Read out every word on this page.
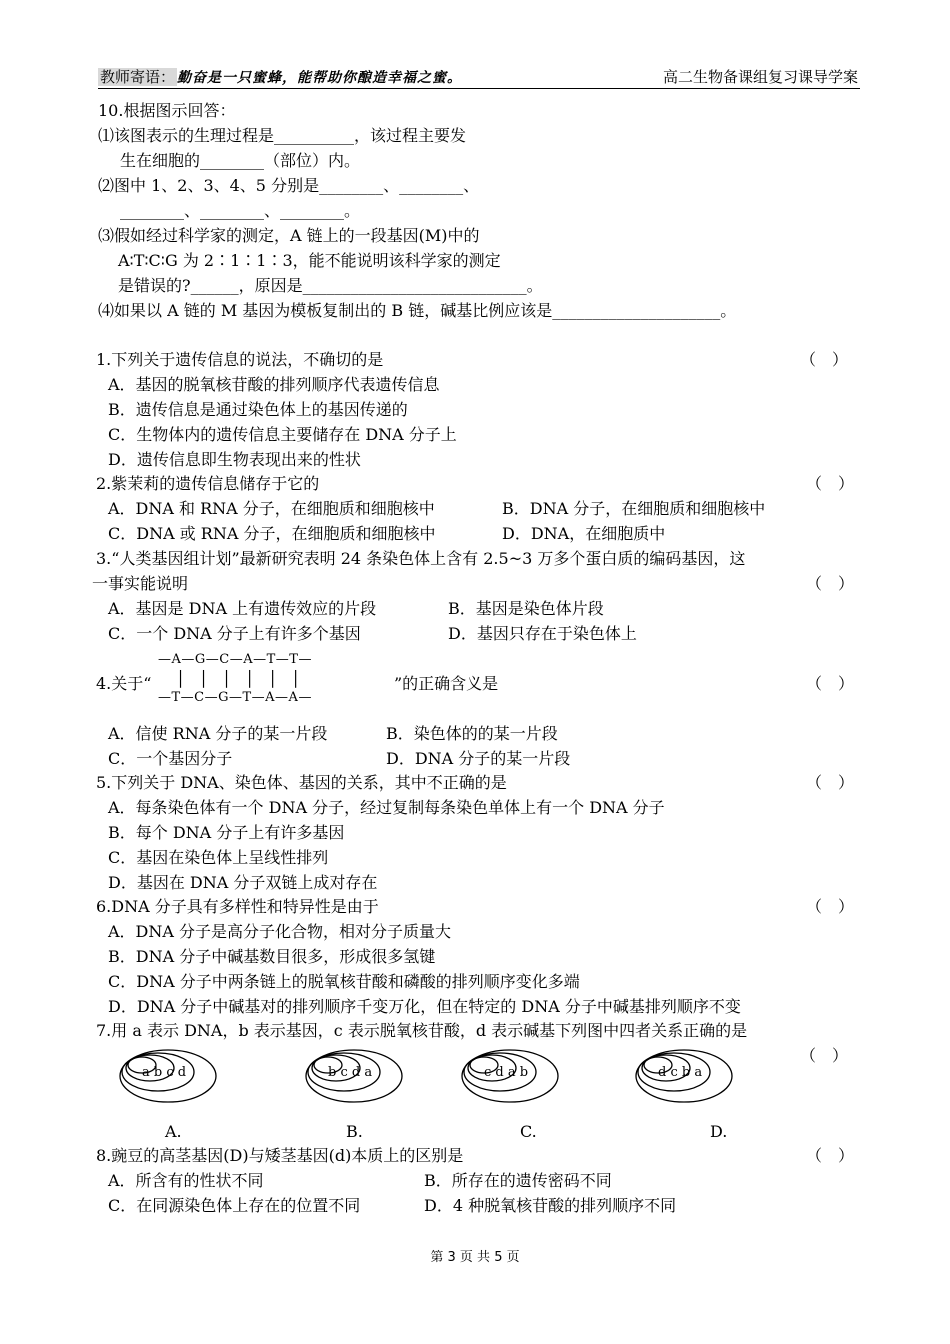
教师寄语： 勤奋是一只蜜蜂，能帮助你酿造幸福之蜜。	高二生物备课组复习课导学案
10.根据图示回答：
⑴该图表示的生理过程是__________，该过程主要发
生在细胞的________（部位）内。
⑵图中 1、2、3、4、5 分别是________、________、
________、________、________。
⑶假如经过科学家的测定，A 链上的一段基因(M)中的
A∶T∶C∶G 为 2∶1∶1∶3，能不能说明该科学家的测定
是错误的?______，原因是____________________________。
⑷如果以 A 链的 M 基因为模板复制出的 B 链，碱基比例应该是_____________________。
1.下列关于遗传信息的说法，不确切的是	（　）
A．基因的脱氧核苷酸的排列顺序代表遗传信息
B．遗传信息是通过染色体上的基因传递的
C．生物体内的遗传信息主要储存在 DNA 分子上
D．遗传信息即生物表现出来的性状
2.紫茉莉的遗传信息储存于它的	（　）
A．DNA 和 RNA 分子，在细胞质和细胞核中	B．DNA 分子，在细胞质和细胞核中
C．DNA 或 RNA 分子，在细胞质和细胞核中	D．DNA，在细胞质中
3.“人类基因组计划”最新研究表明 24 条染色体上含有 2.5~3 万多个蛋白质的编码基因，这
一事实能说明	（　）
A．基因是 DNA 上有遗传效应的片段	B．基因是染色体片段
C．一个 DNA 分子上有许多个基因	D．基因只存在于染色体上
4.关于“
—A—G—C—A—T—T—
││││││
—T—C—G—T—A—A—
”的正确含义是	（　）
A．信使 RNA 分子的某一片段	B．染色体的的某一片段
C．一个基因分子	D．DNA 分子的某一片段
5.下列关于 DNA、染色体、基因的关系，其中不正确的是	（　）
A．每条染色体有一个 DNA 分子，经过复制每条染色单体上有一个 DNA 分子
B．每个 DNA 分子上有许多基因
C．基因在染色体上呈线性排列
D．基因在 DNA 分子双链上成对存在
6.DNA 分子具有多样性和特异性是由于	（　）
A．DNA 分子是高分子化合物，相对分子质量大
B．DNA 分子中碱基数目很多，形成很多氢键
C．DNA 分子中两条链上的脱氧核苷酸和磷酸的排列顺序变化多端
D．DNA 分子中碱基对的排列顺序千变万化，但在特定的 DNA 分子中碱基排列顺序不变
7.用 a 表示 DNA，b 表示基因，c 表示脱氧核苷酸，d 表示碱基下列图中四者关系正确的是
（　）
a b c d	b c d a	c d a b	d c b a
A.	B.	C.	D.
8.豌豆的高茎基因(D)与矮茎基因(d)本质上的区别是	（　）
A．所含有的性状不同	B．所存在的遗传密码不同
C．在同源染色体上存在的位置不同	D．4 种脱氧核苷酸的排列顺序不同
第 3 页 共 5 页
